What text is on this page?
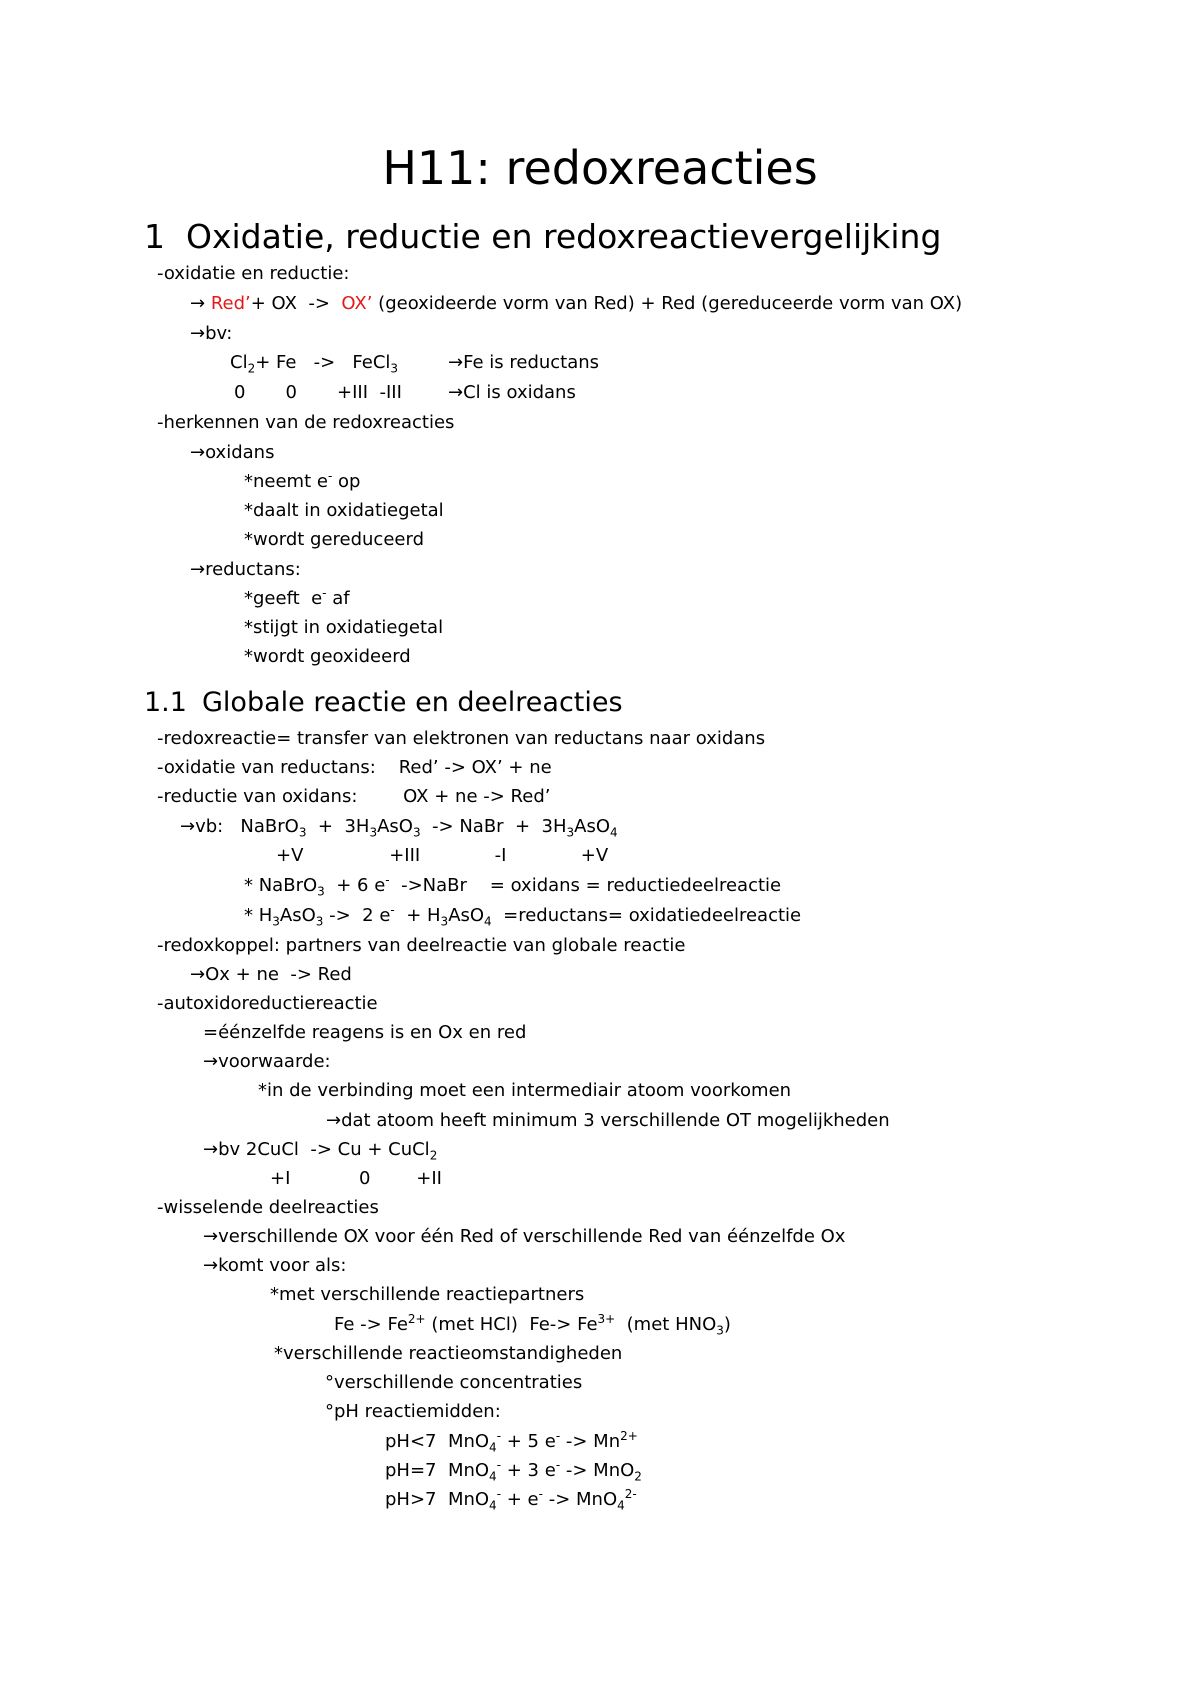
H11: redoxreacties
1 Oxidatie, reductie en redoxreactievergelijking

-oxidatie en reductie:

→ Red’+ OX  ->  OX’ (geoxideerde vorm van Red) + Red (gereduceerde vorm van OX)

→bv:

$Cl_2+ Fe$   ->   FeCl$_3$	→Fe is reductans

0       0       +III  -III	→Cl is oxidans

-herkennen van de redoxreacties

→oxidans

*neemt e- op

*daalt in oxidatiegetal

*wordt gereduceerd

→reductans:

*geeft  e- af

*stijgt in oxidatiegetal

*wordt geoxideerd

1.1 Globale reactie en deelreacties

-redoxreactie= transfer van elektronen van reductans naar oxidans

-oxidatie van reductans:    Red’ -> OX’ + ne

-reductie van oxidans:        OX + ne -> Red’

→vb:   NaBrO$_3$  +  $3H_3AsO_3$  -> NaBr  +  $3H_3AsO_4$

+V               +III             -I             +V

* NaBrO$_3$  + 6 e-  ->NaBr    = oxidans = reductiedeelreactie

* $H_3AsO_3 -> 2$ $e^- + H_3AsO_4$  =reductans= oxidatiedeelreactie

-redoxkoppel: partners van deelreactie van globale reactie

→Ox + ne  -> Red

-autoxidoreductiereactie

=éénzelfde reagens is en Ox en red

→voorwaarde:

*in de verbinding moet een intermediair atoom voorkomen

→dat atoom heeft minimum 3 verschillende OT mogelijkheden

→bv 2CuCl  -> Cu + CuCl$_2$

+I            0        +II

-wisselende deelreacties

→verschillende OX voor één Red of verschillende Red van éénzelfde Ox

→komt voor als:

*met verschillende reactiepartners

$Fe -> Fe^{2+}$ (met HCl)  $Fe-> Fe^{3+}$  (met $HNO_3$)

*verschillende reactieomstandigheden

°verschillende concentraties

°pH reactiemidden:

pH<7  MnO$_4$- + 5 $e^- -> Mn^{2+}$

pH=7  MnO$_4$- + 3 e- -> MnO$_2$

pH>7  MnO$_4$- + e- -> MnO$_4^{2-}$
